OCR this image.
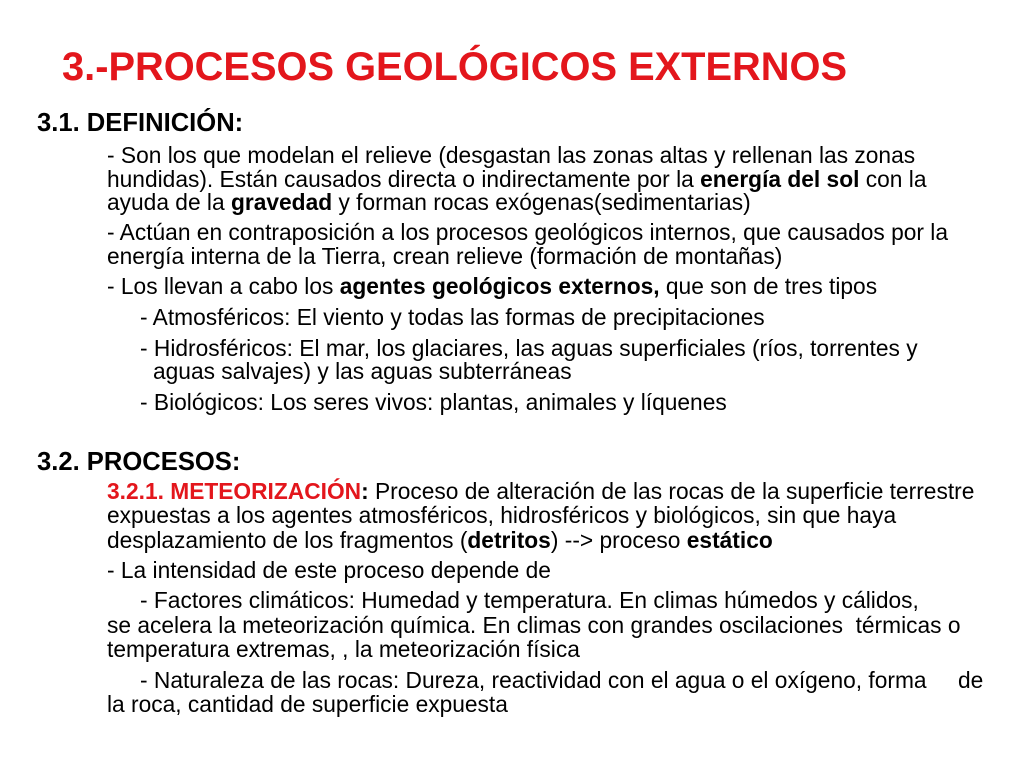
3.-PROCESOS GEOLÓGICOS EXTERNOS
3.1. DEFINICIÓN:
- Son los que modelan el relieve (desgastan las zonas altas y rellenan las zonas
hundidas). Están causados directa o indirectamente por la energía del sol con la
ayuda de la gravedad y forman rocas exógenas(sedimentarias)
- Actúan en contraposición a los procesos geológicos internos, que causados por la
energía interna de la Tierra, crean relieve (formación de montañas)
- Los llevan a cabo los agentes geológicos externos, que son de tres tipos
- Atmosféricos: El viento y todas las formas de precipitaciones
- Hidrosféricos: El mar, los glaciares, las aguas superficiales (ríos, torrentes y
aguas salvajes) y las aguas subterráneas
- Biológicos: Los seres vivos: plantas, animales y líquenes
3.2. PROCESOS:
3.2.1. METEORIZACIÓN: Proceso de alteración de las rocas de la superficie terrestre
expuestas a los agentes atmosféricos, hidrosféricos y biológicos, sin que haya
desplazamiento de los fragmentos (detritos) --> proceso estático
- La intensidad de este proceso depende de
- Factores climáticos: Humedad y temperatura. En climas húmedos y cálidos,
se acelera la meteorización química. En climas con grandes oscilaciones  térmicas o
temperatura extremas, , la meteorización física
- Naturaleza de las rocas: Dureza, reactividad con el agua o el oxígeno, forma de
la roca, cantidad de superficie expuesta
